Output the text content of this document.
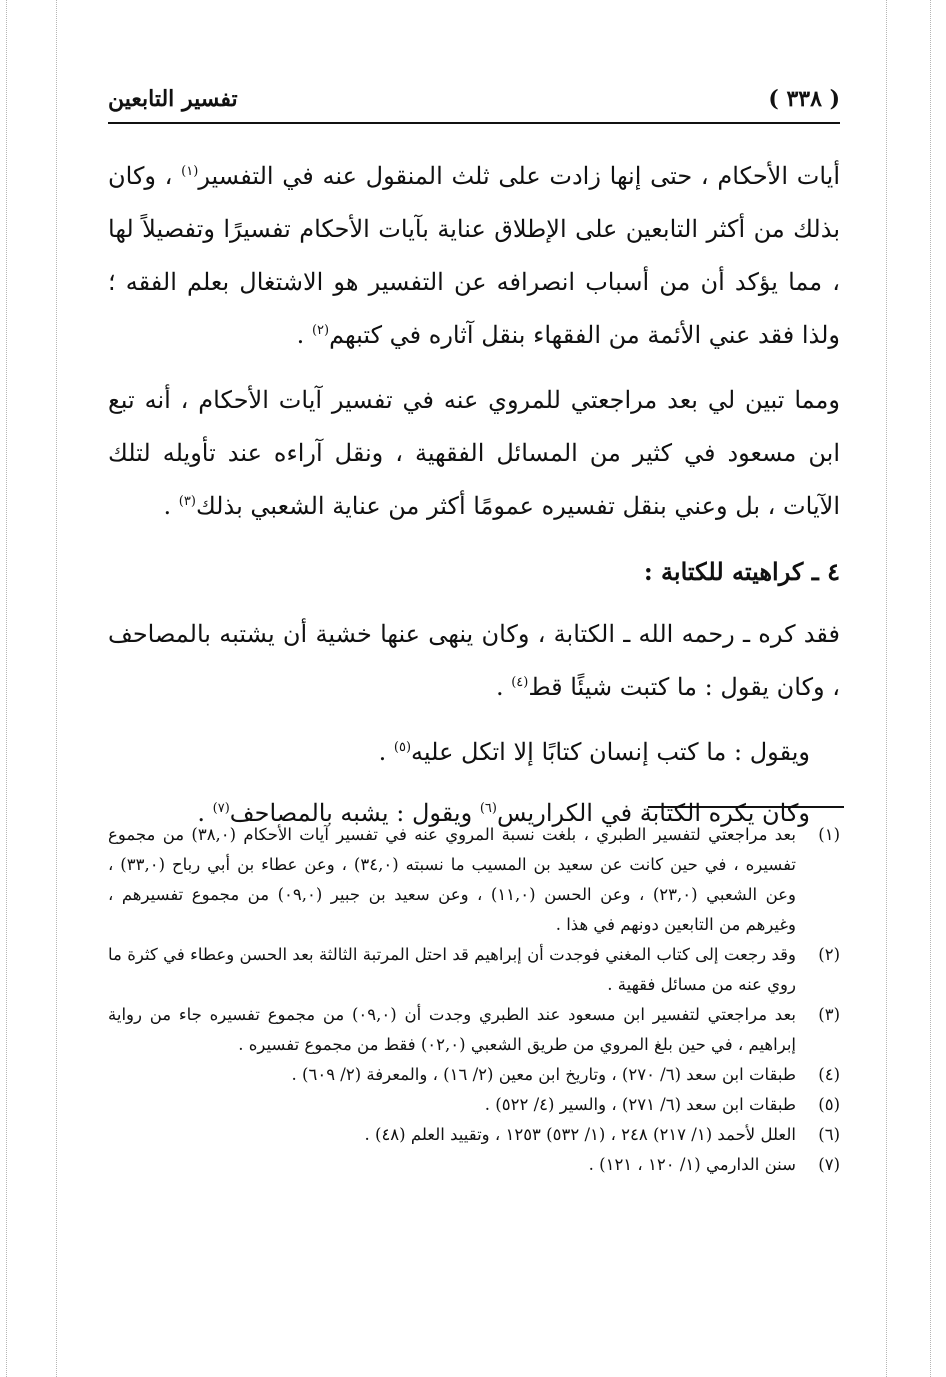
( ٣٣٨ )
تفسير التابعين

أيات الأحكام ، حتى إنها زادت على ثلث المنقول عنه في التفسير$^{(١)}$ ، وكان بذلك من أكثر التابعين على الإطلاق عناية بآيات الأحكام تفسيرًا وتفصيلاً لها ، مما يؤكد أن من أسباب انصرافه عن التفسير هو الاشتغال بعلم الفقه ؛ ولذا فقد عني الأئمة من الفقهاء بنقل آثاره في كتبهم$^{(٢)}$ .

ومما تبين لي بعد مراجعتي للمروي عنه في تفسير آيات الأحكام ، أنه تبع ابن مسعود في كثير من المسائل الفقهية ، ونقل آراءه عند تأويله لتلك الآيات ، بل وعني بنقل تفسيره عمومًا أكثر من عناية الشعبي بذلك$^{(٣)}$ .

٤ ـ كراهيته للكتابة :

فقد كره ـ رحمه الله ـ الكتابة ، وكان ينهى عنها خشية أن يشتبه بالمصاحف ، وكان يقول : ما كتبت شيئًا قط$^{(٤)}$ .

ويقول : ما كتب إنسان كتابًا إلا اتكل عليه$^{(٥)}$ .

وكان يكره الكتابة في الكراريس$^{(٦)}$ ويقول : يشبه بالمصاحف$^{(٧)}$ .

(١)
بعد مراجعتي لتفسير الطبري ، بلغت نسبة المروي عنه في تفسير آيات الأحكام (٣٨,٠) من مجموع تفسيره ، في حين كانت عن سعيد بن المسيب ما نسبته (٣٤,٠) ، وعن عطاء بن أبي رباح (٣٣,٠) ، وعن الشعبي (٢٣,٠) ، وعن الحسن (١١,٠) ، وعن سعيد بن جبير (٠٩,٠) من مجموع تفسيرهم ، وغيرهم من التابعين دونهم في هذا .
(٢)
وقد رجعت إلى كتاب المغني فوجدت أن إبراهيم قد احتل المرتبة الثالثة بعد الحسن وعطاء في كثرة ما روي عنه من مسائل فقهية .
(٣)
بعد مراجعتي لتفسير ابن مسعود عند الطبري وجدت أن (٠٩,٠) من مجموع تفسيره جاء من رواية إبراهيم ، في حين بلغ المروي من طريق الشعبي (٠٢,٠) فقط من مجموع تفسيره .
(٤)
طبقات ابن سعد (٦/ ٢٧٠) ، وتاريخ ابن معين (٢/ ١٦) ، والمعرفة (٢/ ٦٠٩) .
(٥)
طبقات ابن سعد (٦/ ٢٧١) ، والسير (٤/ ٥٢٢) .
(٦)
العلل لأحمد (١/ ٢١٧) ٢٤٨ ، (١/ ٥٣٢) ١٢٥٣ ، وتقييد العلم (٤٨) .
(٧)
سنن الدارمي (١/ ١٢٠ ، ١٢١) .
